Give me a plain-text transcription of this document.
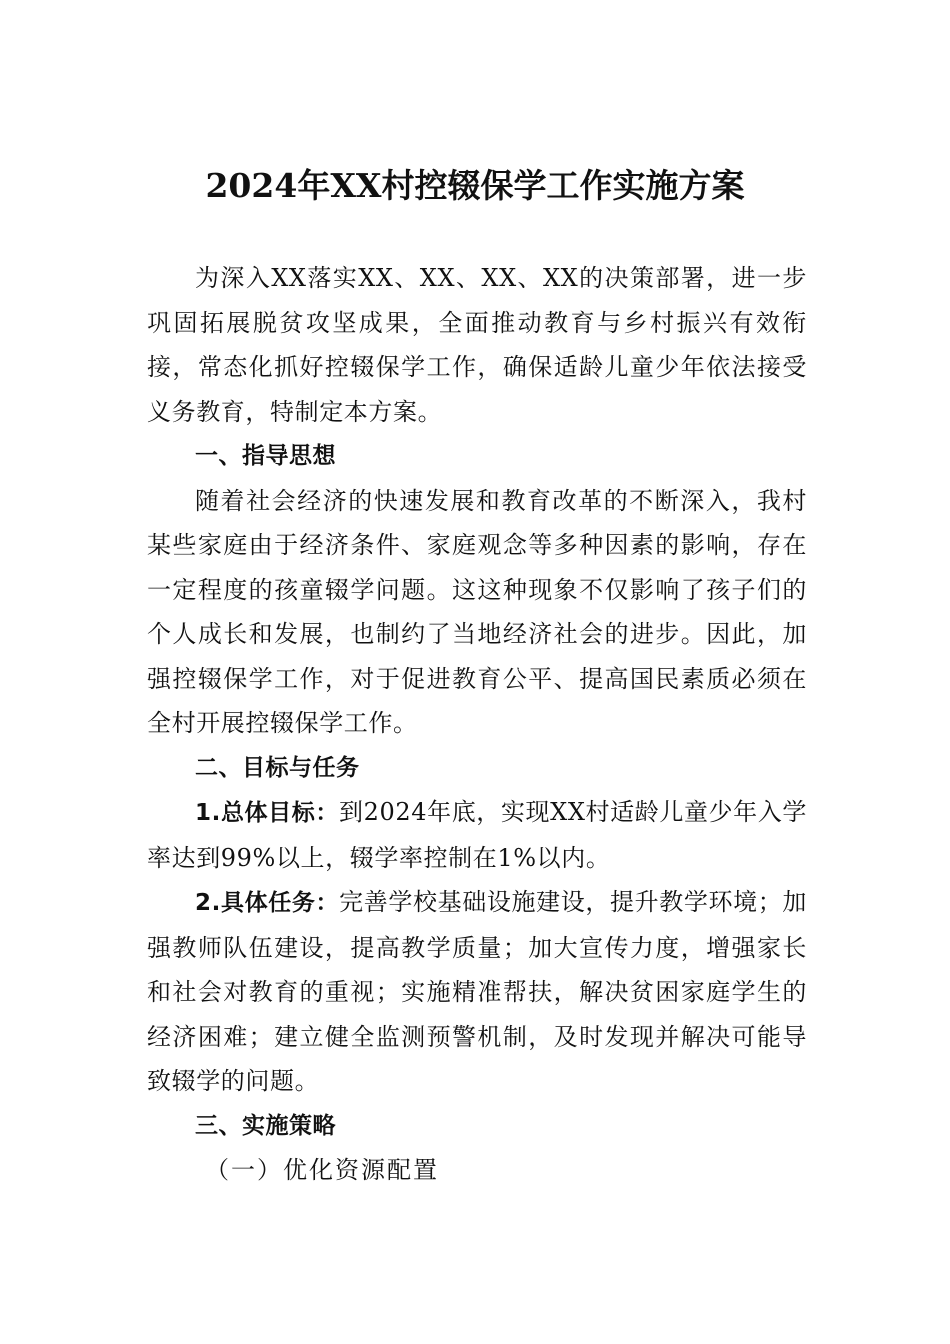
2024年XX村控辍保学工作实施方案

为深入XX落实XX、XX、XX、XX的决策部署，进一步巩固拓展脱贫攻坚成果，全面推动教育与乡村振兴有效衔接，常态化抓好控辍保学工作，确保适龄儿童少年依法接受义务教育，特制定本方案。

一、指导思想

随着社会经济的快速发展和教育改革的不断深入，我村某些家庭由于经济条件、家庭观念等多种因素的影响，存在一定程度的孩童辍学问题。这这种现象不仅影响了孩子们的个人成长和发展，也制约了当地经济社会的进步。因此，加强控辍保学工作，对于促进教育公平、提高国民素质必须在全村开展控辍保学工作。

二、目标与任务

1.总体目标：到2024年底，实现XX村适龄儿童少年入学率达到99%以上，辍学率控制在1%以内。

2.具体任务：完善学校基础设施建设，提升教学环境；加强教师队伍建设，提高教学质量；加大宣传力度，增强家长和社会对教育的重视；实施精准帮扶，解决贫困家庭学生的经济困难；建立健全监测预警机制，及时发现并解决可能导致辍学的问题。

三、实施策略

（一）优化资源配置
